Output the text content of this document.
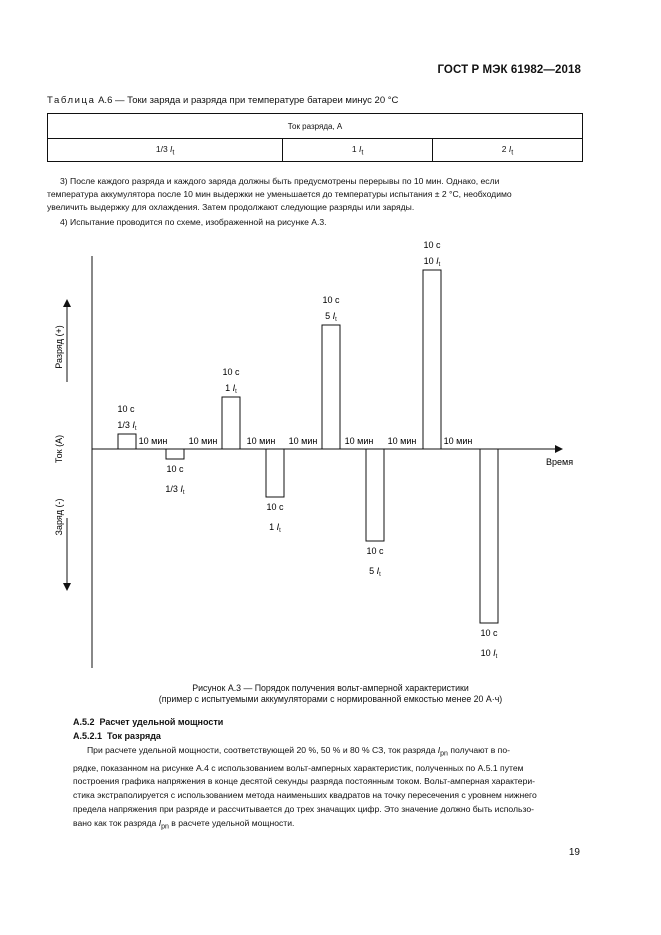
ГОСТ Р МЭК 61982—2018
Таблица А.6 — Токи заряда и разряда при температуре батареи минус 20 °C
Ток разряда, А
1/3 $I_t$	1 $I_t$	2 $I_t$
3) После каждого разряда и каждого заряда должны быть предусмотрены перерывы по 10 мин. Однако, если
температура аккумулятора после 10 мин выдержки не уменьшается до температуры испытания ± 2 °C, необходимо
увеличить выдержку для охлаждения. Затем продолжают следующие разряды или заряды.
4) Испытание проводится по схеме, изображенной на рисунке А.3.
Разряд (+)
Ток (А)
Заряд (-)
Время
10 с
1/3 $I_t$
10 с
1/3 $I_t$
10 с
1 $I_t$
10 с
1 $I_t$
10 с
5 $I_t$
10 с
5 $I_t$
10 с
10 $I_t$
10 с
10 $I_t$
10 мин 10 мин	10 мин 10 мин	10 мин 10 мин	10 мин
Рисунок А.3 — Порядок получения вольт-амперной характеристики
(пример с испытуемыми аккумуляторами с нормированной емкостью менее 20 А·ч)
А.5.2 Расчет удельной мощности
А.5.2.1 Ток разряда
При расчете удельной мощности, соответствующей 20 %, 50 % и 80 % СЗ, ток разряда $I_{pn}$ получают в по-
рядке, показанном на рисунке А.4 с использованием вольт-амперных характеристик, полученных по А.5.1 путем
построения графика напряжения в конце десятой секунды разряда постоянным током. Вольт-амперная характери-
стика экстраполируется с использованием метода наименьших квадратов на точку пересечения с уровнем нижнего
предела напряжения при разряде и рассчитывается до трех значащих цифр. Это значение должно быть использо-
вано как ток разряда $I_{pn}$ в расчете удельной мощности.
19
